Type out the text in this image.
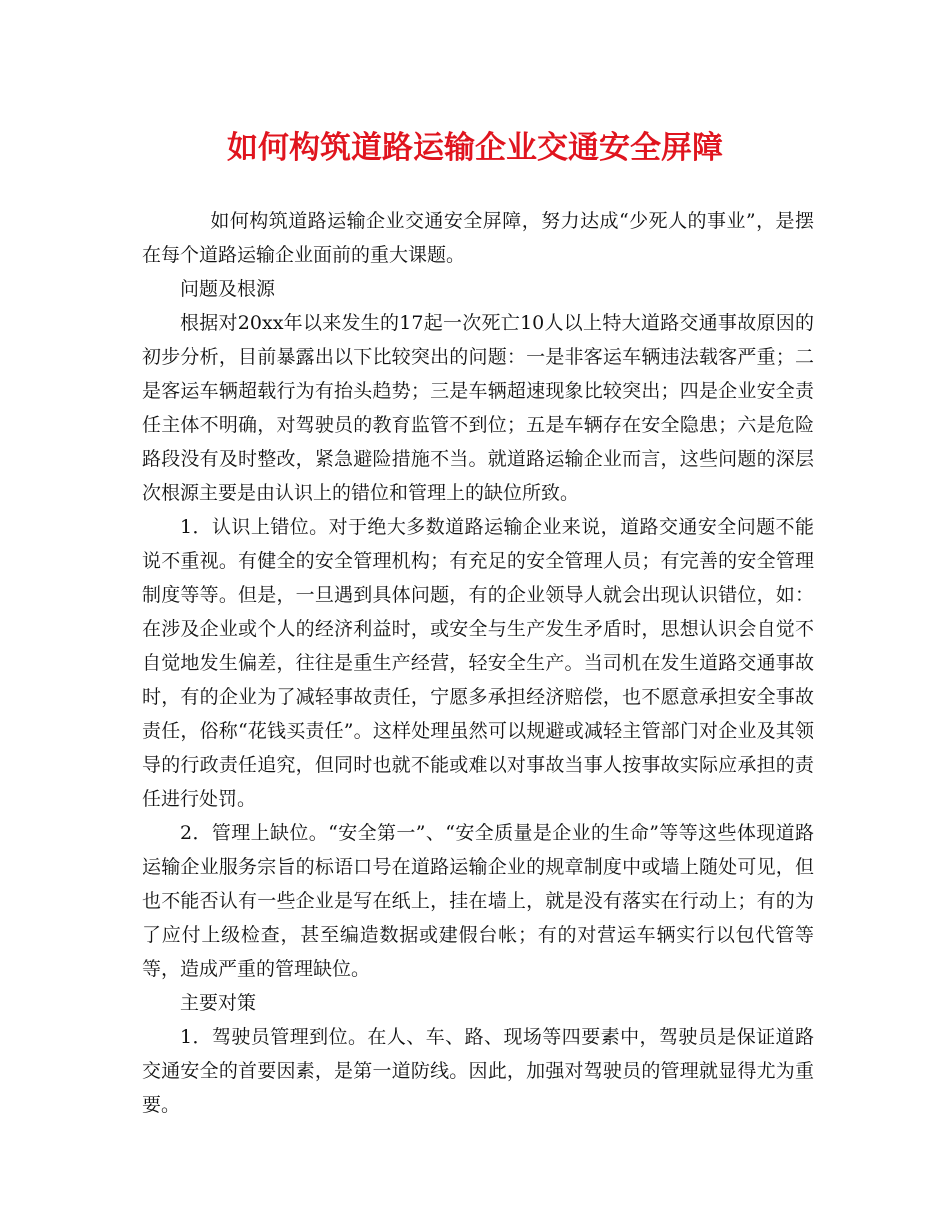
如何构筑道路运输企业交通安全屏障

如何构筑道路运输企业交通安全屏障，努力达成“少死人的事业”，是摆在每个道路运输企业面前的重大课题。

问题及根源

根据对20xx年以来发生的17起一次死亡10人以上特大道路交通事故原因的初步分析，目前暴露出以下比较突出的问题：一是非客运车辆违法载客严重；二是客运车辆超载行为有抬头趋势；三是车辆超速现象比较突出；四是企业安全责任主体不明确，对驾驶员的教育监管不到位；五是车辆存在安全隐患；六是危险路段没有及时整改，紧急避险措施不当。就道路运输企业而言，这些问题的深层次根源主要是由认识上的错位和管理上的缺位所致。

1．认识上错位。对于绝大多数道路运输企业来说，道路交通安全问题不能说不重视。有健全的安全管理机构；有充足的安全管理人员；有完善的安全管理制度等等。但是，一旦遇到具体问题，有的企业领导人就会出现认识错位，如：在涉及企业或个人的经济利益时，或安全与生产发生矛盾时，思想认识会自觉不自觉地发生偏差，往往是重生产经营，轻安全生产。当司机在发生道路交通事故时，有的企业为了减轻事故责任，宁愿多承担经济赔偿，也不愿意承担安全事故责任，俗称“花钱买责任”。这样处理虽然可以规避或减轻主管部门对企业及其领导的行政责任追究，但同时也就不能或难以对事故当事人按事故实际应承担的责任进行处罚。

2．管理上缺位。“安全第一”、“安全质量是企业的生命”等等这些体现道路运输企业服务宗旨的标语口号在道路运输企业的规章制度中或墙上随处可见，但也不能否认有一些企业是写在纸上，挂在墙上，就是没有落实在行动上；有的为了应付上级检查，甚至编造数据或建假台帐；有的对营运车辆实行以包代管等等，造成严重的管理缺位。

主要对策

1．驾驶员管理到位。在人、车、路、现场等四要素中，驾驶员是保证道路交通安全的首要因素，是第一道防线。因此，加强对驾驶员的管理就显得尤为重要。
